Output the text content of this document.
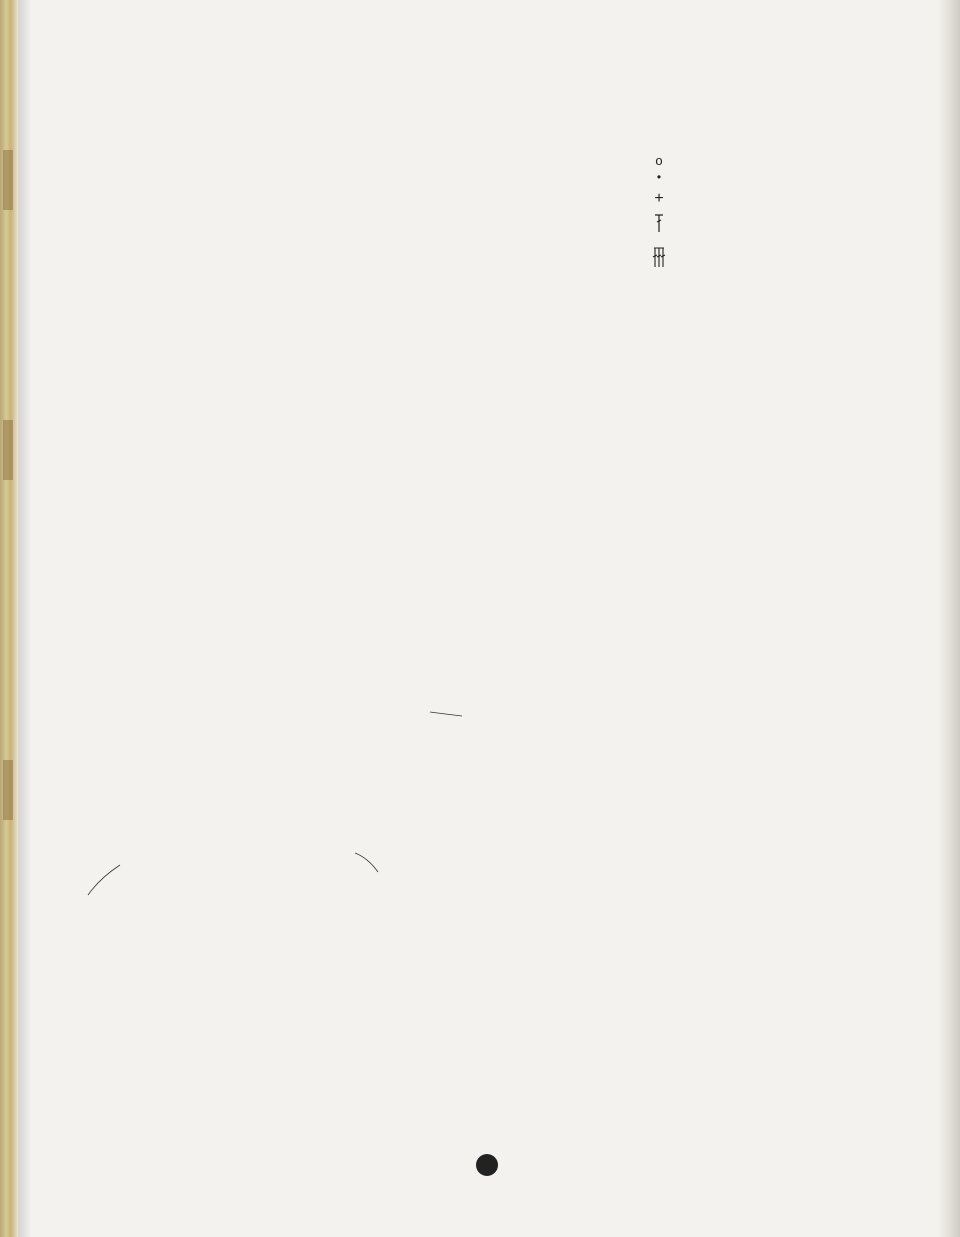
o
•
+
